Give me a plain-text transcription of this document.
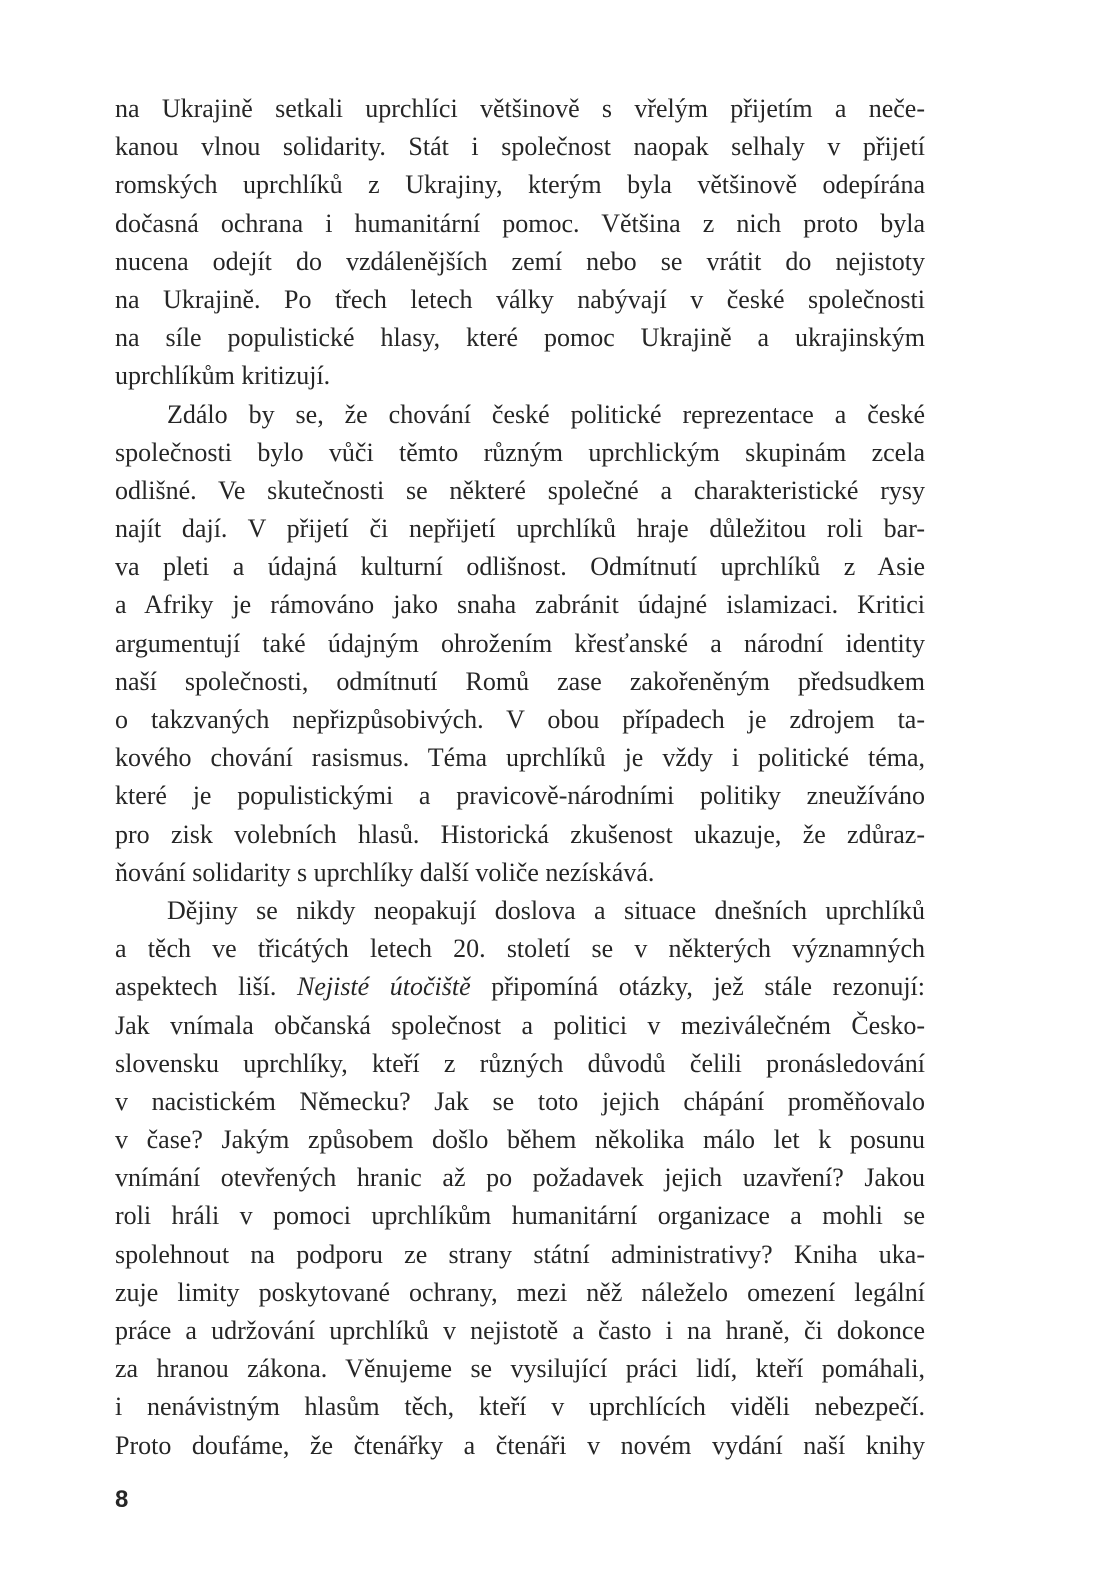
na Ukrajině setkali uprchlíci většinově s vřelým přijetím a neče-
kanou vlnou solidarity. Stát i společnost naopak selhaly v přijetí
romských uprchlíků z Ukrajiny, kterým byla většinově odepírána
dočasná ochrana i humanitární pomoc. Většina z nich proto byla
nucena odejít do vzdálenějších zemí nebo se vrátit do nejistoty
na Ukrajině. Po třech letech války nabývají v české společnosti
na síle populistické hlasy, které pomoc Ukrajině a ukrajinským
uprchlíkům kritizují.
Zdálo by se, že chování české politické reprezentace a české
společnosti bylo vůči těmto různým uprchlickým skupinám zcela
odlišné. Ve skutečnosti se některé společné a charakteristické rysy
najít dají. V přijetí či nepřijetí uprchlíků hraje důležitou roli bar-
va pleti a údajná kulturní odlišnost. Odmítnutí uprchlíků z Asie
a Afriky je rámováno jako snaha zabránit údajné islamizaci. Kritici
argumentují také údajným ohrožením křesťanské a národní identity
naší společnosti, odmítnutí Romů zase zakořeněným předsudkem
o takzvaných nepřizpůsobivých. V obou případech je zdrojem ta-
kového chování rasismus. Téma uprchlíků je vždy i politické téma,
které je populistickými a pravicově-národními politiky zneužíváno
pro zisk volebních hlasů. Historická zkušenost ukazuje, že zdůraz-
ňování solidarity s uprchlíky další voliče nezískává.
Dějiny se nikdy neopakují doslova a situace dnešních uprchlíků
a těch ve třicátých letech 20. století se v některých významných
aspektech liší. Nejisté útočiště připomíná otázky, jež stále rezonují:
Jak vnímala občanská společnost a politici v meziválečném Česko-
slovensku uprchlíky, kteří z různých důvodů čelili pronásledování
v nacistickém Německu? Jak se toto jejich chápání proměňovalo
v čase? Jakým způsobem došlo během několika málo let k posunu
vnímání otevřených hranic až po požadavek jejich uzavření? Jakou
roli hráli v pomoci uprchlíkům humanitární organizace a mohli se
spolehnout na podporu ze strany státní administrativy? Kniha uka-
zuje limity poskytované ochrany, mezi něž náleželo omezení legální
práce a udržování uprchlíků v nejistotě a často i na hraně, či dokonce
za hranou zákona. Věnujeme se vysilující práci lidí, kteří pomáhali,
i nenávistným hlasům těch, kteří v uprchlících viděli nebezpečí.
Proto doufáme, že čtenářky a čtenáři v novém vydání naší knihy
8
